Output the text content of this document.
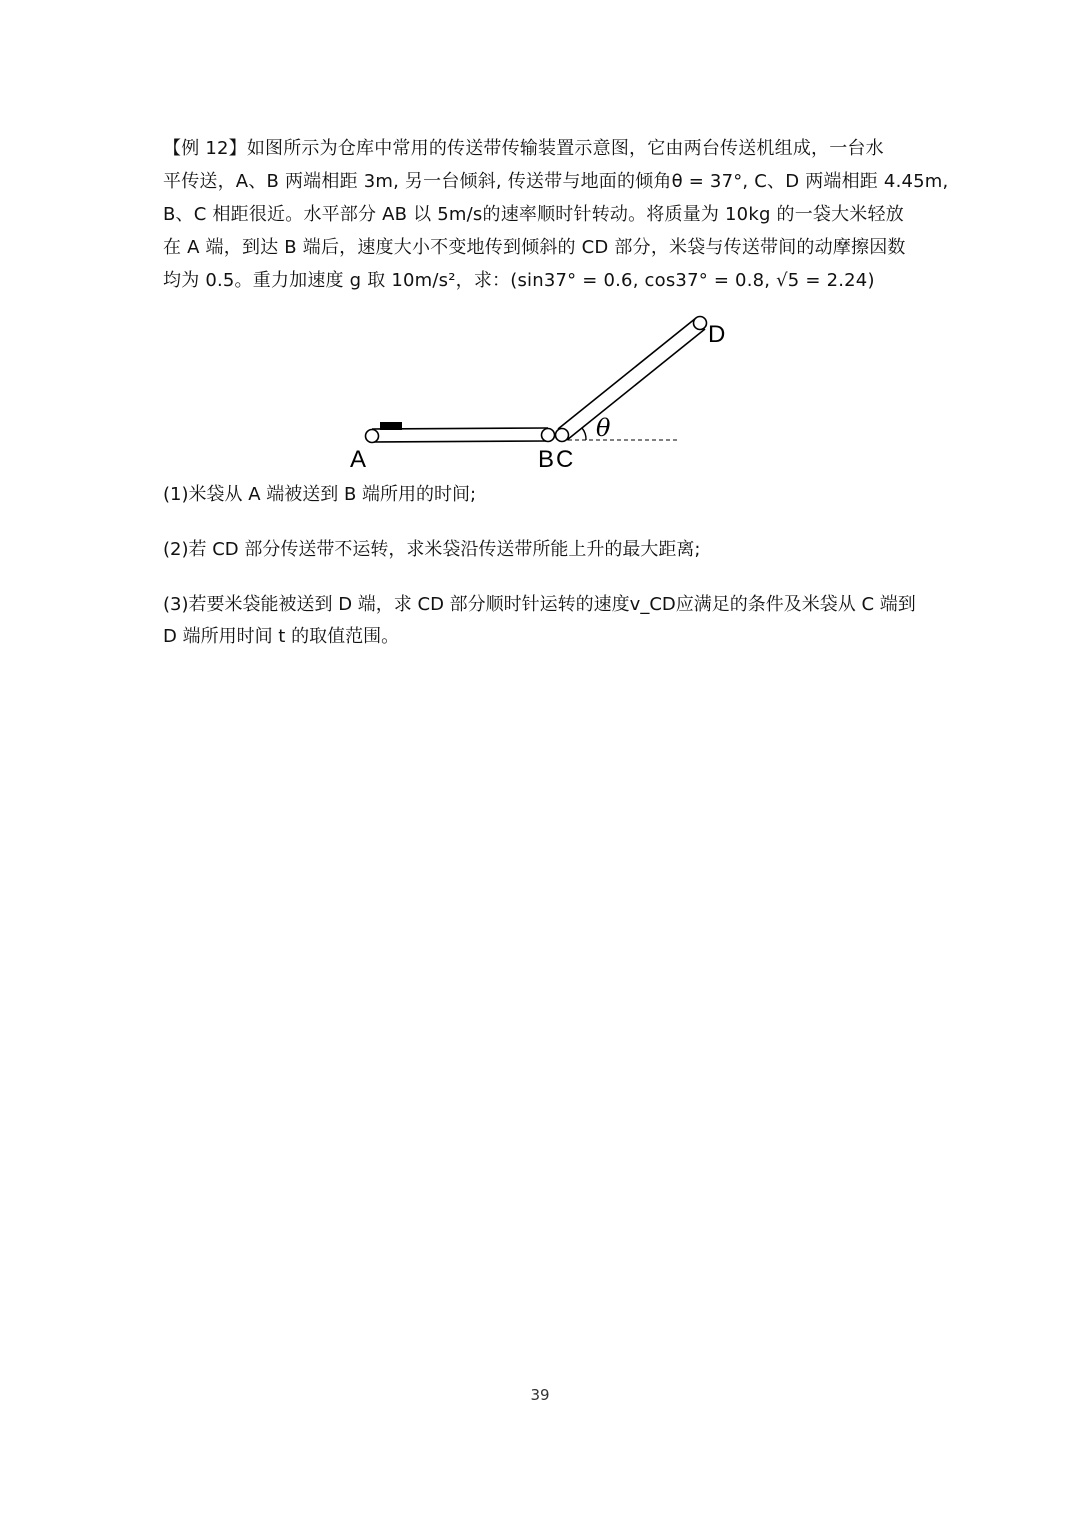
【例 12】如图所示为仓库中常用的传送带传输装置示意图，它由两台传送机组成，一台水
平传送，A、B 两端相距 3m, 另一台倾斜, 传送带与地面的倾角θ = 37°, C、D 两端相距 4.45m,
B、C 相距很近。水平部分 AB 以 5m/s的速率顺时针转动。将质量为 10kg 的一袋大米轻放
在 A 端，到达 B 端后，速度大小不变地传到倾斜的 CD 部分，米袋与传送带间的动摩擦因数
均为 0.5。重力加速度 g 取 10m/s²，求：(sin37° = 0.6, cos37° = 0.8, √5 = 2.24)
A	B C
D
θ
(1)米袋从 A 端被送到 B 端所用的时间;
(2)若 CD 部分传送带不运转，求米袋沿传送带所能上升的最大距离;
(3)若要米袋能被送到 D 端，求 CD 部分顺时针运转的速度v_CD应满足的条件及米袋从 C 端到
D 端所用时间 t 的取值范围。
39
